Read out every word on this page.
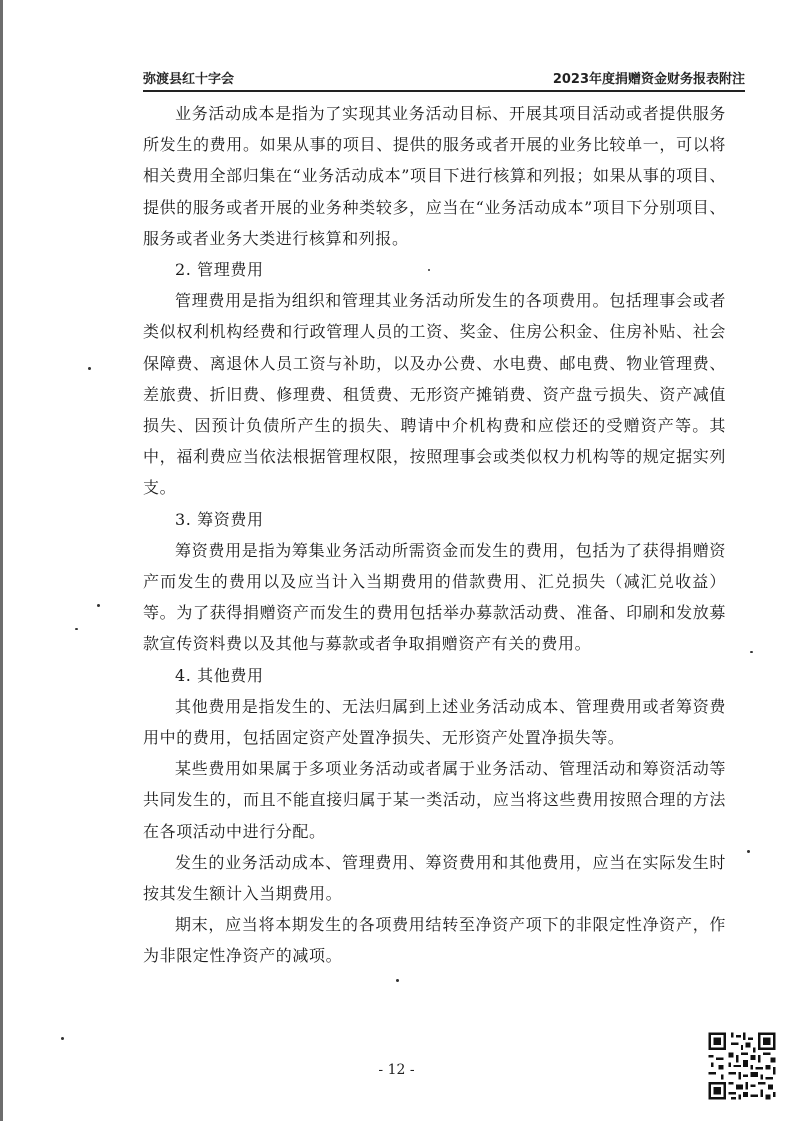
弥渡县红十字会	2023年度捐赠资金财务报表附注

业务活动成本是指为了实现其业务活动目标、开展其项目活动或者提供服务所发生的费用。如果从事的项目、提供的服务或者开展的业务比较单一，可以将相关费用全部归集在“业务活动成本”项目下进行核算和列报；如果从事的项目、提供的服务或者开展的业务种类较多，应当在“业务活动成本”项目下分别项目、服务或者业务大类进行核算和列报。

2. 管理费用

管理费用是指为组织和管理其业务活动所发生的各项费用。包括理事会或者类似权利机构经费和行政管理人员的工资、奖金、住房公积金、住房补贴、社会保障费、离退休人员工资与补助，以及办公费、水电费、邮电费、物业管理费、差旅费、折旧费、修理费、租赁费、无形资产摊销费、资产盘亏损失、资产减值损失、因预计负债所产生的损失、聘请中介机构费和应偿还的受赠资产等。其中，福利费应当依法根据管理权限，按照理事会或类似权力机构等的规定据实列支。

3. 筹资费用

筹资费用是指为筹集业务活动所需资金而发生的费用，包括为了获得捐赠资产而发生的费用以及应当计入当期费用的借款费用、汇兑损失（减汇兑收益）等。为了获得捐赠资产而发生的费用包括举办募款活动费、准备、印刷和发放募款宣传资料费以及其他与募款或者争取捐赠资产有关的费用。

4. 其他费用

其他费用是指发生的、无法归属到上述业务活动成本、管理费用或者筹资费用中的费用，包括固定资产处置净损失、无形资产处置净损失等。

某些费用如果属于多项业务活动或者属于业务活动、管理活动和筹资活动等共同发生的，而且不能直接归属于某一类活动，应当将这些费用按照合理的方法在各项活动中进行分配。

发生的业务活动成本、管理费用、筹资费用和其他费用，应当在实际发生时按其发生额计入当期费用。

期末，应当将本期发生的各项费用结转至净资产项下的非限定性净资产，作为非限定性净资产的减项。

- 12 -
